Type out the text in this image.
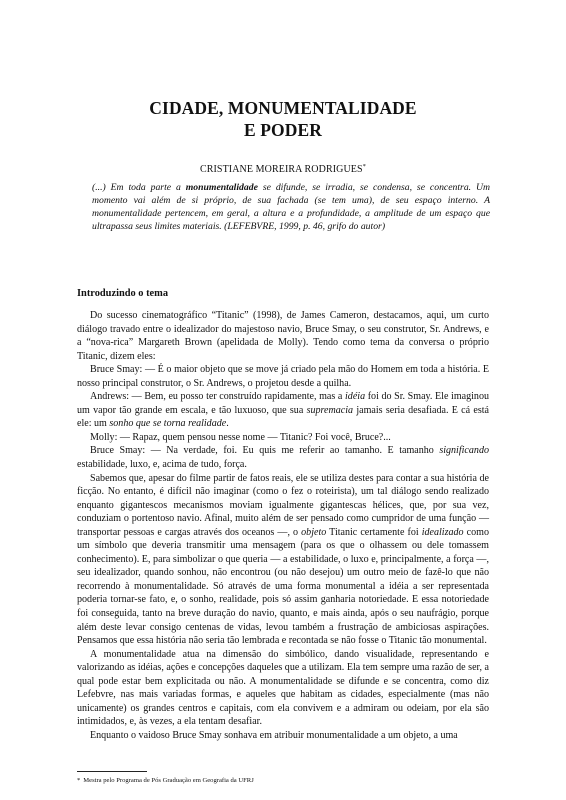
CIDADE, MONUMENTALIDADE
E PODER
CRISTIANE MOREIRA RODRIGUES*
(...) Em toda parte a monumentalidade se difunde, se irradia, se condensa, se concentra. Um momento vai além de si próprio, de sua fachada (se tem uma), de seu espaço interno. A monumentalidade pertencem, em geral, a altura e a profundidade, a amplitude de um espaço que ultrapassa seus limites materiais. (LEFEBVRE, 1999, p. 46, grifo do autor)
Introduzindo o tema

Do sucesso cinematográfico “Titanic” (1998), de James Cameron, destacamos, aqui, um curto diálogo travado entre o idealizador do majestoso navio, Bruce Smay, o seu construtor, Sr. Andrews, e a “nova-rica” Margareth Brown (apelidada de Molly). Tendo como tema da conversa o próprio Titanic, dizem eles:

Bruce Smay: — É o maior objeto que se move já criado pela mão do Homem em toda a história. E nosso principal construtor, o Sr. Andrews, o projetou desde a quilha.

Andrews: — Bem, eu posso ter construído rapidamente, mas a idéia foi do Sr. Smay. Ele imaginou um vapor tão grande em escala, e tão luxuoso, que sua supremacia jamais seria desafiada. E cá está ele: um sonho que se torna realidade.

Molly: — Rapaz, quem pensou nesse nome — Titanic? Foi você, Bruce?...

Bruce Smay: — Na verdade, foi. Eu quis me referir ao tamanho. E tamanho significando estabilidade, luxo, e, acima de tudo, força.

Sabemos que, apesar do filme partir de fatos reais, ele se utiliza destes para contar a sua história de ficção. No entanto, é difícil não imaginar (como o fez o roteirista), um tal diálogo sendo realizado enquanto gigantescos mecanismos moviam igualmente gigantescas hélices, que, por sua vez, conduziam o portentoso navio. Afinal, muito além de ser pensado como cumpridor de uma função — transportar pessoas e cargas através dos oceanos —, o objeto Titanic certamente foi idealizado como um símbolo que deveria transmitir uma mensagem (para os que o olhassem ou dele tomassem conhecimento). E, para simbolizar o que queria — a estabilidade, o luxo e, principalmente, a força —, seu idealizador, quando sonhou, não encontrou (ou não desejou) um outro meio de fazê-lo que não recorrendo à monumentalidade. Só através de uma forma monumental a idéia a ser representada poderia tornar-se fato, e, o sonho, realidade, pois só assim ganharia notoriedade. E essa notoriedade foi conseguida, tanto na breve duração do navio, quanto, e mais ainda, após o seu naufrágio, porque além deste levar consigo centenas de vidas, levou também a frustração de ambiciosas aspirações. Pensamos que essa história não seria tão lembrada e recontada se não fosse o Titanic tão monumental.

A monumentalidade atua na dimensão do simbólico, dando visualidade, representando e valorizando as idéias, ações e concepções daqueles que a utilizam. Ela tem sempre uma razão de ser, a qual pode estar bem explicitada ou não. A monumentalidade se difunde e se concentra, como diz Lefebvre, nas mais variadas formas, e aqueles que habitam as cidades, especialmente (mas não unicamente) os grandes centros e capitais, com ela convivem e a admiram ou odeiam, por ela são intimidados, e, às vezes, a ela tentam desafiar.

Enquanto o vaidoso Bruce Smay sonhava em atribuir monumentalidade a um objeto, a uma

* Mestra pelo Programa de Pós Graduação em Geografia da UFRJ
